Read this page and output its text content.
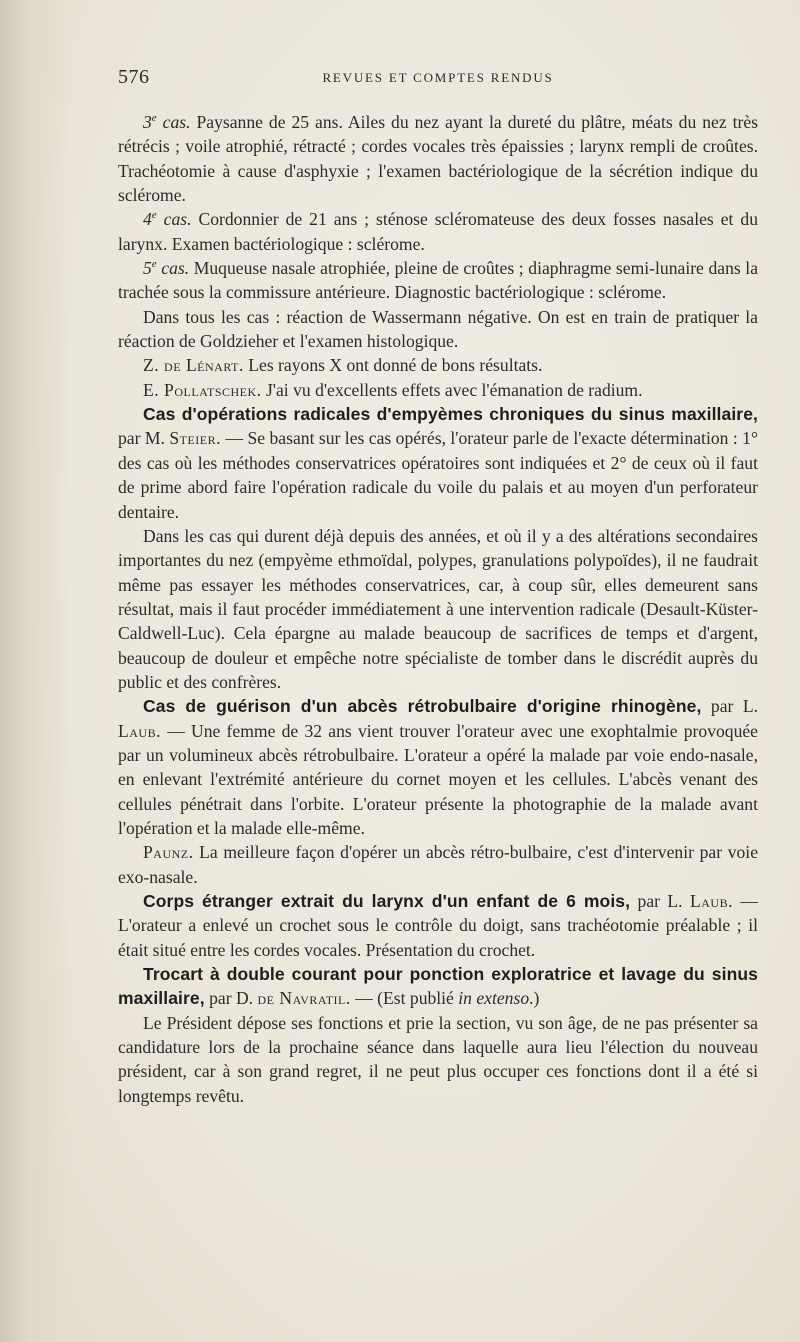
576	REVUES ET COMPTES RENDUS

3e cas. Paysanne de 25 ans. Ailes du nez ayant la dureté du plâtre, méats du nez très rétrécis ; voile atrophié, rétracté ; cordes vocales très épaissies ; larynx rempli de croûtes. Trachéotomie à cause d'asphyxie ; l'examen bactériologique de la sécrétion indique du sclérome.

4e cas. Cordonnier de 21 ans ; sténose scléromateuse des deux fosses nasales et du larynx. Examen bactériologique : sclérome.

5e cas. Muqueuse nasale atrophiée, pleine de croûtes ; diaphragme semi-lunaire dans la trachée sous la commissure antérieure. Diagnostic bactériologique : sclérome.

Dans tous les cas : réaction de Wassermann négative. On est en train de pratiquer la réaction de Goldzieher et l'examen histologique.

Z. de Lénart. Les rayons X ont donné de bons résultats.

E. Pollatschek. J'ai vu d'excellents effets avec l'émanation de radium.

Cas d'opérations radicales d'empyèmes chroniques du sinus maxillaire, par M. Steier. — Se basant sur les cas opérés, l'orateur parle de l'exacte détermination : 1° des cas où les méthodes conservatrices opératoires sont indiquées et 2° de ceux où il faut de prime abord faire l'opération radicale du voile du palais et au moyen d'un perforateur dentaire.

Dans les cas qui durent déjà depuis des années, et où il y a des altérations secondaires importantes du nez (empyème ethmoïdal, polypes, granulations polypoïdes), il ne faudrait même pas essayer les méthodes conservatrices, car, à coup sûr, elles demeurent sans résultat, mais il faut procéder immédiatement à une intervention radicale (Desault-Küster-Caldwell-Luc). Cela épargne au malade beaucoup de sacrifices de temps et d'argent, beaucoup de douleur et empêche notre spécialiste de tomber dans le discrédit auprès du public et des confrères.

Cas de guérison d'un abcès rétrobulbaire d'origine rhinogène, par L. Laub. — Une femme de 32 ans vient trouver l'orateur avec une exophtalmie provoquée par un volumineux abcès rétrobulbaire. L'orateur a opéré la malade par voie endo-nasale, en enlevant l'extrémité antérieure du cornet moyen et les cellules. L'abcès venant des cellules pénétrait dans l'orbite. L'orateur présente la photographie de la malade avant l'opération et la malade elle-même.

Paunz. La meilleure façon d'opérer un abcès rétro-bulbaire, c'est d'intervenir par voie exo-nasale.

Corps étranger extrait du larynx d'un enfant de 6 mois, par L. Laub. — L'orateur a enlevé un crochet sous le contrôle du doigt, sans trachéotomie préalable ; il était situé entre les cordes vocales. Présentation du crochet.

Trocart à double courant pour ponction exploratrice et lavage du sinus maxillaire, par D. de Navratil. — (Est publié in extenso.)

Le Président dépose ses fonctions et prie la section, vu son âge, de ne pas présenter sa candidature lors de la prochaine séance dans laquelle aura lieu l'élection du nouveau président, car à son grand regret, il ne peut plus occuper ces fonctions dont il a été si longtemps revêtu.
